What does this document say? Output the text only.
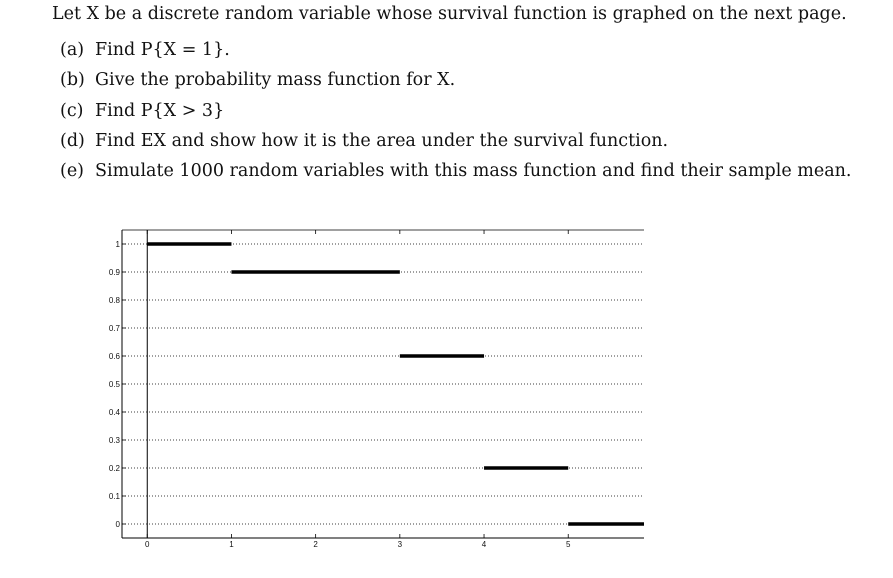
Let X be a discrete random variable whose survival function is graphed on the next page.
(a) Find P{X = 1}.
(b) Give the probability mass function for X.
(c) Find P{X > 3}
(d) Find EX and show how it is the area under the survival function.
(e) Simulate 1000 random variables with this mass function and find their sample mean.
0
0.1
0.2
0.3
0.4
0.5
0.6
0.7
0.8
0.9
1
0	1	2	3	4	5
